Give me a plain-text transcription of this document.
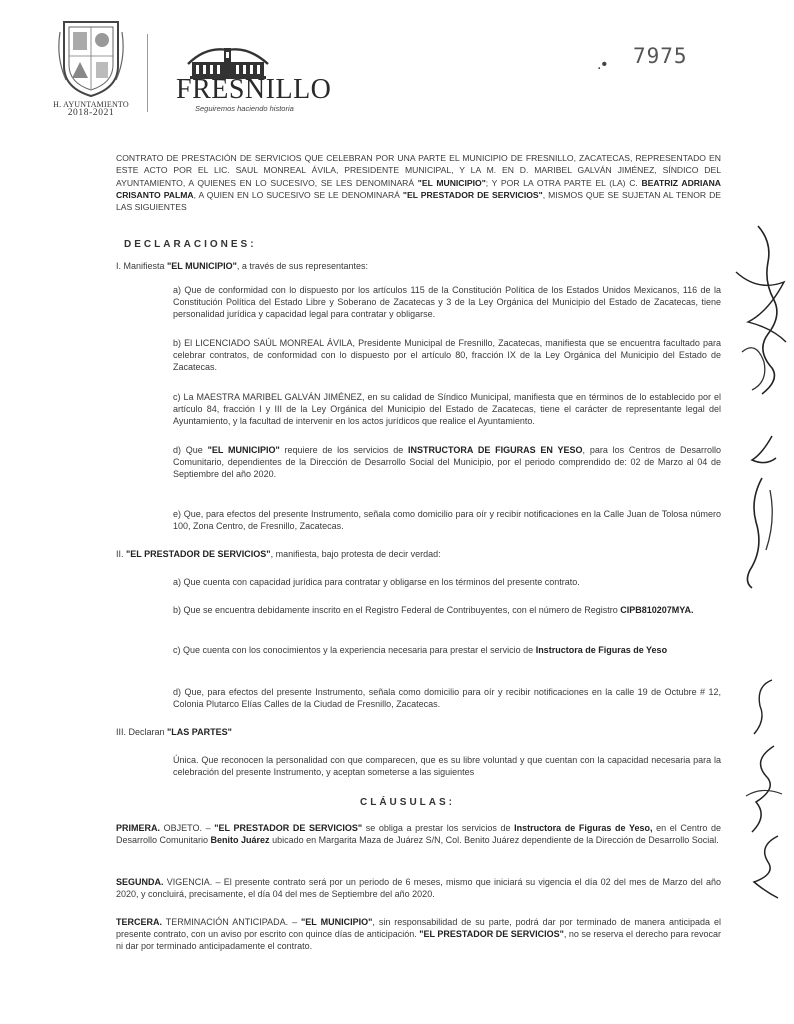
H. AYUNTAMIENTO
2018-2021
FRESNILLO
Seguiremos haciendo historia
.• 7975
CONTRATO DE PRESTACIÓN DE SERVICIOS QUE CELEBRAN POR UNA PARTE EL MUNICIPIO DE FRESNILLO, ZACATECAS, REPRESENTADO EN ESTE ACTO POR EL LIC. SAUL MONREAL ÁVILA, PRESIDENTE MUNICIPAL, Y LA M. EN D. MARIBEL GALVÁN JIMÉNEZ, SÍNDICO DEL AYUNTAMIENTO, A QUIENES EN LO SUCESIVO, SE LES DENOMINARÁ "EL MUNICIPIO"; Y POR LA OTRA PARTE EL (LA) C. BEATRIZ ADRIANA CRISANTO PALMA, A QUIEN EN LO SUCESIVO SE LE DENOMINARÁ "EL PRESTADOR DE SERVICIOS", MISMOS QUE SE SUJETAN AL TENOR DE LAS SIGUIENTES
DECLARACIONES:
I. Manifiesta "EL MUNICIPIO", a través de sus representantes:
a) Que de conformidad con lo dispuesto por los artículos 115 de la Constitución Política de los Estados Unidos Mexicanos, 116 de la Constitución Política del Estado Libre y Soberano de Zacatecas y 3 de la Ley Orgánica del Municipio del Estado de Zacatecas, tiene personalidad jurídica y capacidad legal para contratar y obligarse.
b) El LICENCIADO SAÚL MONREAL ÁVILA, Presidente Municipal de Fresnillo, Zacatecas, manifiesta que se encuentra facultado para celebrar contratos, de conformidad con lo dispuesto por el artículo 80, fracción IX de la Ley Orgánica del Municipio del Estado de Zacatecas.
c) La MAESTRA MARIBEL GALVÁN JIMÉNEZ, en su calidad de Síndico Municipal, manifiesta que en términos de lo establecido por el artículo 84, fracción I y III de la Ley Orgánica del Municipio del Estado de Zacatecas, tiene el carácter de representante legal del Ayuntamiento, y la facultad de intervenir en los actos jurídicos que realice el Ayuntamiento.
d) Que "EL MUNICIPIO" requiere de los servicios de INSTRUCTORA DE FIGURAS EN YESO, para los Centros de Desarrollo Comunitario, dependientes de la Dirección de Desarrollo Social del Municipio, por el periodo comprendido de: 02 de Marzo al 04 de Septiembre del año 2020.
e) Que, para efectos del presente Instrumento, señala como domicilio para oír y recibir notificaciones en la Calle Juan de Tolosa número 100, Zona Centro, de Fresnillo, Zacatecas.
II. "EL PRESTADOR DE SERVICIOS", manifiesta, bajo protesta de decir verdad:
a) Que cuenta con capacidad jurídica para contratar y obligarse en los términos del presente contrato.
b) Que se encuentra debidamente inscrito en el Registro Federal de Contribuyentes, con el número de Registro CIPB810207MYA.
c) Que cuenta con los conocimientos y la experiencia necesaria para prestar el servicio de Instructora de Figuras de Yeso
d) Que, para efectos del presente Instrumento, señala como domicilio para oír y recibir notificaciones en la calle 19 de Octubre # 12, Colonia Plutarco Elías Calles de la Ciudad de Fresnillo, Zacatecas.
III. Declaran "LAS PARTES"
Única. Que reconocen la personalidad con que comparecen, que es su libre voluntad y que cuentan con la capacidad necesaria para la celebración del presente Instrumento, y aceptan someterse a las siguientes
CLÁUSULAS:
PRIMERA. OBJETO. – "EL PRESTADOR DE SERVICIOS" se obliga a prestar los servicios de Instructora de Figuras de Yeso, en el Centro de Desarrollo Comunitario Benito Juárez ubicado en Margarita Maza de Juárez S/N, Col. Benito Juárez dependiente de la Dirección de Desarrollo Social.
SEGUNDA. VIGENCIA. – El presente contrato será por un periodo de 6 meses, mismo que iniciará su vigencia el día 02 del mes de Marzo del año 2020, y concluirá, precisamente, el día 04 del mes de Septiembre del año 2020.
TERCERA. TERMINACIÓN ANTICIPADA. – "EL MUNICIPIO", sin responsabilidad de su parte, podrá dar por terminado de manera anticipada el presente contrato, con un aviso por escrito con quince días de anticipación. "EL PRESTADOR DE SERVICIOS", no se reserva el derecho para revocar ni dar por terminado anticipadamente el contrato.
